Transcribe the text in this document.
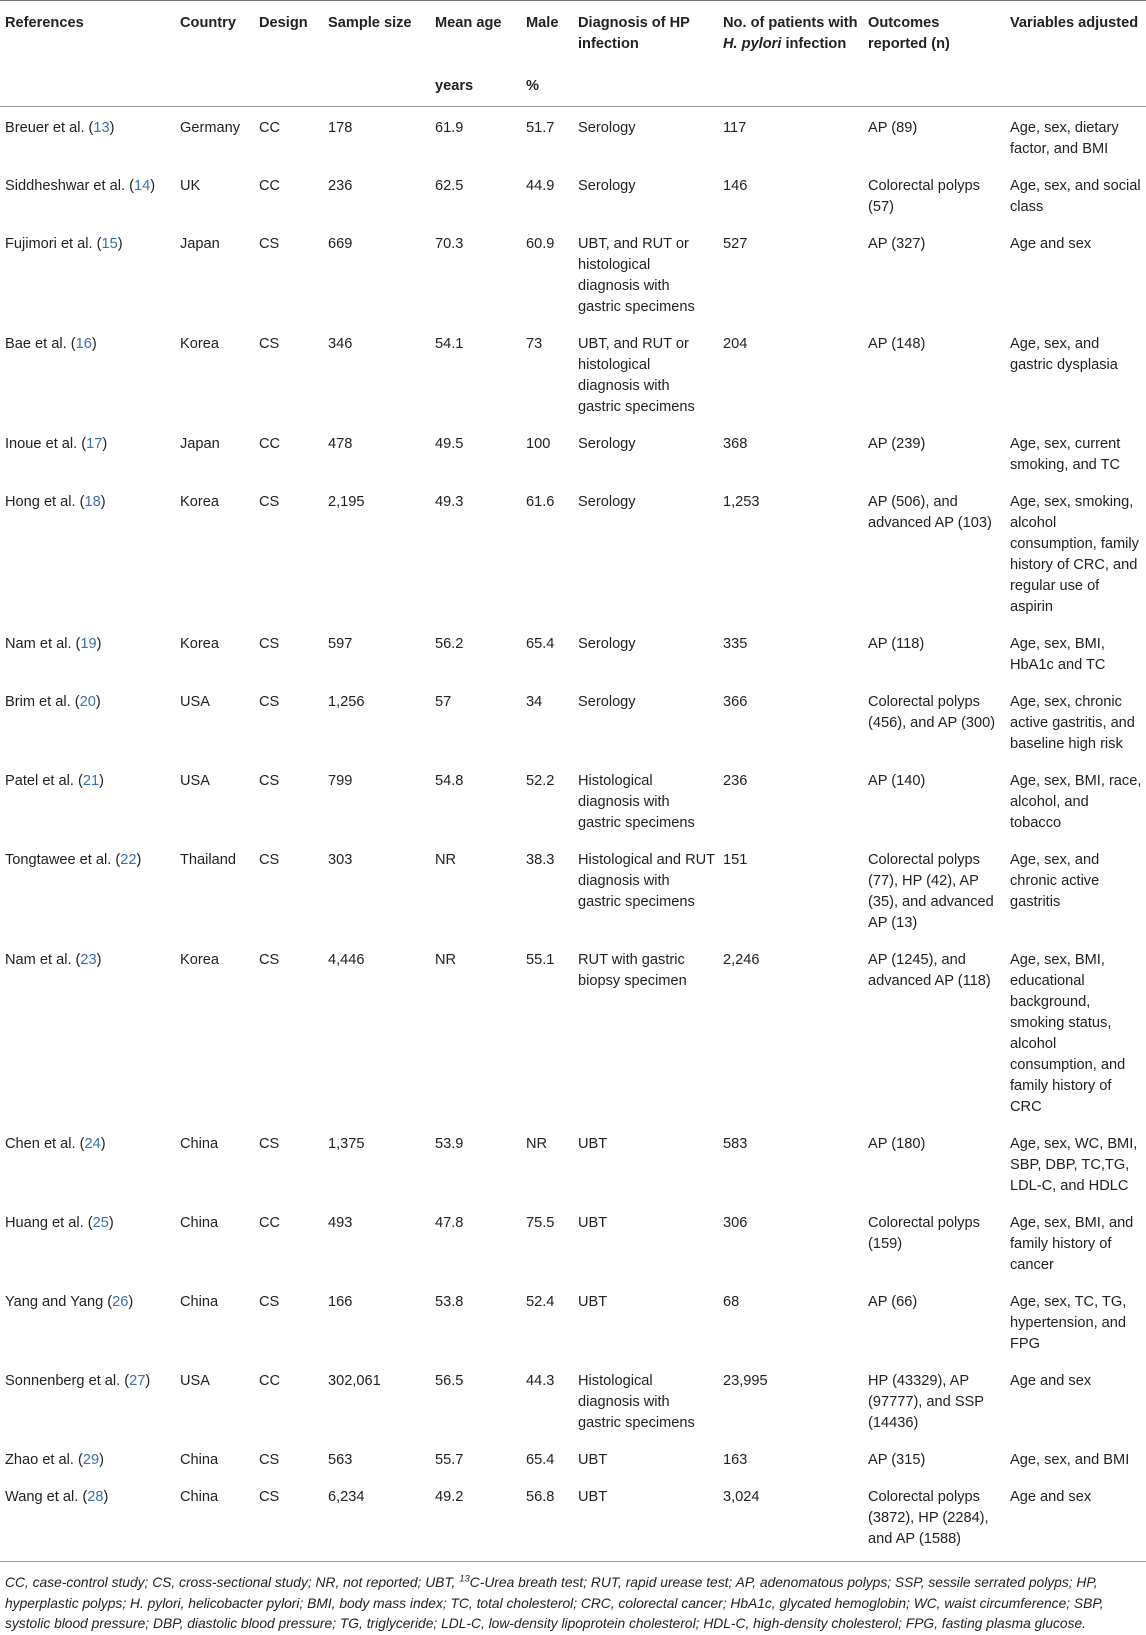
References	Country	Design	Sample size	Mean age	Male	Diagnosis of HP infection	No. of patients with H. pylori infection	Outcomes reported (n)	Variables adjusted
				years	%				
Breuer et al. (13)	Germany	CC	178	61.9	51.7	Serology	117	AP (89)	Age, sex, dietary factor, and BMI
Siddheshwar et al. (14)	UK	CC	236	62.5	44.9	Serology	146	Colorectal polyps (57)	Age, sex, and social class
Fujimori et al. (15)	Japan	CS	669	70.3	60.9	UBT, and RUT or histological diagnosis with gastric specimens	527	AP (327)	Age and sex
Bae et al. (16)	Korea	CS	346	54.1	73	UBT, and RUT or histological diagnosis with gastric specimens	204	AP (148)	Age, sex, and gastric dysplasia
Inoue et al. (17)	Japan	CC	478	49.5	100	Serology	368	AP (239)	Age, sex, current smoking, and TC
Hong et al. (18)	Korea	CS	2,195	49.3	61.6	Serology	1,253	AP (506), and advanced AP (103)	Age, sex, smoking, alcohol consumption, family history of CRC, and regular use of aspirin
Nam et al. (19)	Korea	CS	597	56.2	65.4	Serology	335	AP (118)	Age, sex, BMI, HbA1c and TC
Brim et al. (20)	USA	CS	1,256	57	34	Serology	366	Colorectal polyps (456), and AP (300)	Age, sex, chronic active gastritis, and baseline high risk
Patel et al. (21)	USA	CS	799	54.8	52.2	Histological diagnosis with gastric specimens	236	AP (140)	Age, sex, BMI, race, alcohol, and tobacco
Tongtawee et al. (22)	Thailand	CS	303	NR	38.3	Histological and RUT diagnosis with gastric specimens	151	Colorectal polyps (77), HP (42), AP (35), and advanced AP (13)	Age, sex, and chronic active gastritis
Nam et al. (23)	Korea	CS	4,446	NR	55.1	RUT with gastric biopsy specimen	2,246	AP (1245), and advanced AP (118)	Age, sex, BMI, educational background, smoking status, alcohol consumption, and family history of CRC
Chen et al. (24)	China	CS	1,375	53.9	NR	UBT	583	AP (180)	Age, sex, WC, BMI, SBP, DBP, TC,TG, LDL-C, and HDLC
Huang et al. (25)	China	CC	493	47.8	75.5	UBT	306	Colorectal polyps (159)	Age, sex, BMI, and family history of cancer
Yang and Yang (26)	China	CS	166	53.8	52.4	UBT	68	AP (66)	Age, sex, TC, TG, hypertension, and FPG
Sonnenberg et al. (27)	USA	CC	302,061	56.5	44.3	Histological diagnosis with gastric specimens	23,995	HP (43329), AP (97777), and SSP (14436)	Age and sex
Zhao et al. (29)	China	CS	563	55.7	65.4	UBT	163	AP (315)	Age, sex, and BMI
Wang et al. (28)	China	CS	6,234	49.2	56.8	UBT	3,024	Colorectal polyps (3872), HP (2284), and AP (1588)	Age and sex
CC, case-control study; CS, cross-sectional study; NR, not reported; UBT, $^{13}$C-Urea breath test; RUT, rapid urease test; AP, adenomatous polyps; SSP, sessile serrated polyps; HP, hyperplastic polyps; H. pylori, helicobacter pylori; BMI, body mass index; TC, total cholesterol; CRC, colorectal cancer; HbA1c, glycated hemoglobin; WC, waist circumference; SBP, systolic blood pressure; DBP, diastolic blood pressure; TG, triglyceride; LDL-C, low-density lipoprotein cholesterol; HDL-C, high-density cholesterol; FPG, fasting plasma glucose.
